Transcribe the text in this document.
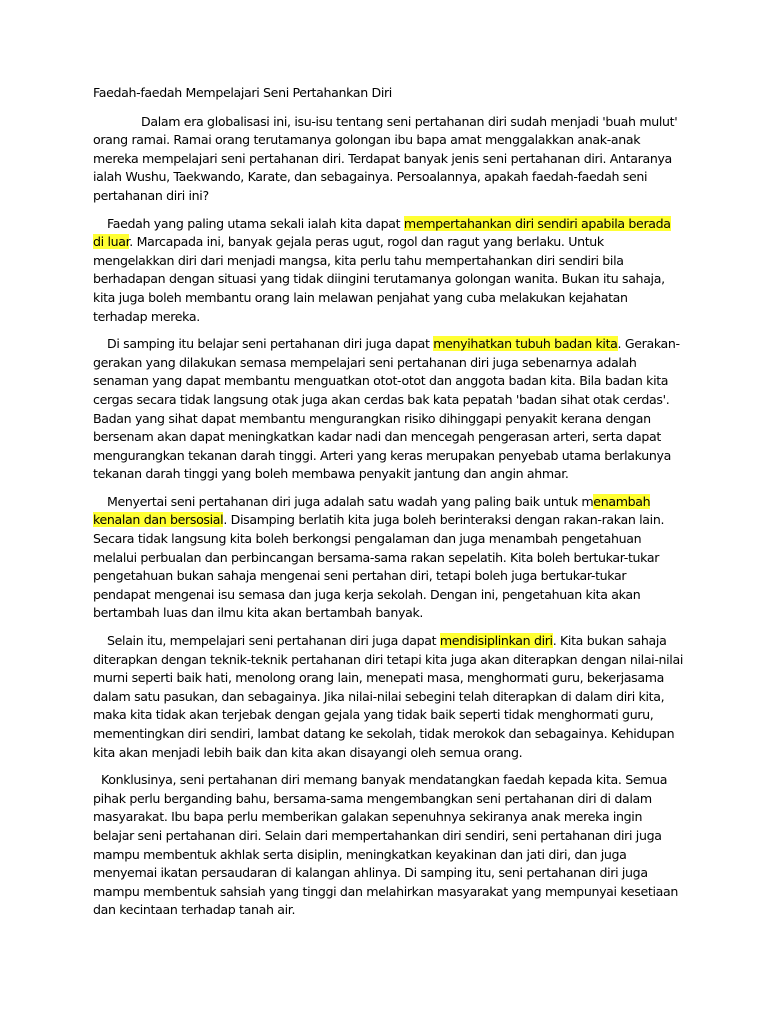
Faedah-faedah Mempelajari Seni Pertahankan Diri

Dalam era globalisasi ini, isu-isu tentang seni pertahanan diri sudah menjadi 'buah mulut' orang ramai. Ramai orang terutamanya golongan ibu bapa amat menggalakkan anak-anak mereka mempelajari seni pertahanan diri. Terdapat banyak jenis seni pertahanan diri. Antaranya ialah Wushu, Taekwando, Karate, dan sebagainya. Persoalannya, apakah faedah-faedah seni pertahanan diri ini?

Faedah yang paling utama sekali ialah kita dapat mempertahankan diri sendiri apabila berada di luar. Marcapada ini, banyak gejala peras ugut, rogol dan ragut yang berlaku. Untuk mengelakkan diri dari menjadi mangsa, kita perlu tahu mempertahankan diri sendiri bila berhadapan dengan situasi yang tidak diingini terutamanya golongan wanita. Bukan itu sahaja, kita juga boleh membantu orang lain melawan penjahat yang cuba melakukan kejahatan terhadap mereka.

Di samping itu belajar seni pertahanan diri juga dapat menyihatkan tubuh badan kita. Gerakan-gerakan yang dilakukan semasa mempelajari seni pertahanan diri juga sebenarnya adalah senaman yang dapat membantu menguatkan otot-otot dan anggota badan kita. Bila badan kita cergas secara tidak langsung otak juga akan cerdas bak kata pepatah 'badan sihat otak cerdas'. Badan yang sihat dapat membantu mengurangkan risiko dihinggapi penyakit kerana dengan bersenam akan dapat meningkatkan kadar nadi dan mencegah pengerasan arteri, serta dapat mengurangkan tekanan darah tinggi. Arteri yang keras merupakan penyebab utama berlakunya tekanan darah tinggi yang boleh membawa penyakit jantung dan angin ahmar.

Menyertai seni pertahanan diri juga adalah satu wadah yang paling baik untuk menambah kenalan dan bersosial. Disamping berlatih kita juga boleh berinteraksi dengan rakan-rakan lain. Secara tidak langsung kita boleh berkongsi pengalaman dan juga menambah pengetahuan melalui perbualan dan perbincangan bersama-sama rakan sepelatih. Kita boleh bertukar-tukar pengetahuan bukan sahaja mengenai seni pertahan diri, tetapi boleh juga bertukar-tukar pendapat mengenai isu semasa dan juga kerja sekolah. Dengan ini, pengetahuan kita akan bertambah luas dan ilmu kita akan bertambah banyak.

Selain itu, mempelajari seni pertahanan diri juga dapat mendisiplinkan diri. Kita bukan sahaja diterapkan dengan teknik-teknik pertahanan diri tetapi kita juga akan diterapkan dengan nilai-nilai murni seperti baik hati, menolong orang lain, menepati masa, menghormati guru, bekerjasama dalam satu pasukan, dan sebagainya. Jika nilai-nilai sebegini telah diterapkan di dalam diri kita, maka kita tidak akan terjebak dengan gejala yang tidak baik seperti tidak menghormati guru, mementingkan diri sendiri, lambat datang ke sekolah, tidak merokok dan sebagainya. Kehidupan kita akan menjadi lebih baik dan kita akan disayangi oleh semua orang.

Konklusinya, seni pertahanan diri memang banyak mendatangkan faedah kepada kita. Semua pihak perlu berganding bahu, bersama-sama mengembangkan seni pertahanan diri di dalam masyarakat. Ibu bapa perlu memberikan galakan sepenuhnya sekiranya anak mereka ingin belajar seni pertahanan diri. Selain dari mempertahankan diri sendiri, seni pertahanan diri juga mampu membentuk akhlak serta disiplin, meningkatkan keyakinan dan jati diri, dan juga menyemai ikatan persaudaran di kalangan ahlinya. Di samping itu, seni pertahanan diri juga mampu membentuk sahsiah yang tinggi dan melahirkan masyarakat yang mempunyai kesetiaan dan kecintaan terhadap tanah air.
